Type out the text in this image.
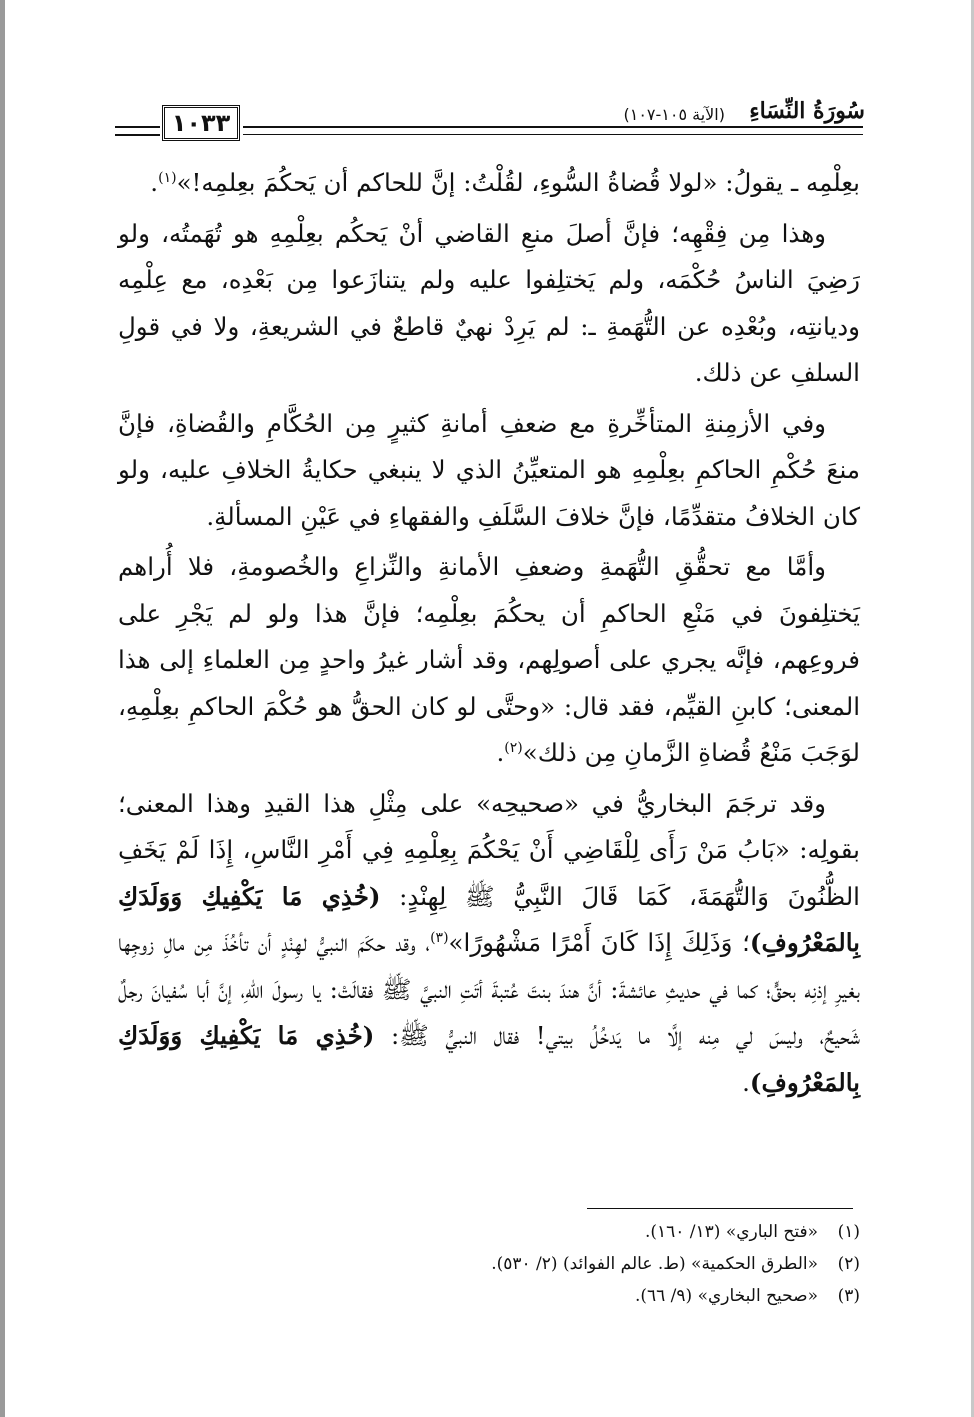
١٠٣٣	سُورَةُ النِّسَاءِ
(الآية ١٠٥-١٠٧)

بعِلْمِه ـ يقولُ: «لولا قُضاةُ السُّوءِ، لقُلْتُ: إنَّ للحاكم أن يَحكُمَ بعِلمِه!»$^{(١)}$.

وهذا مِن فِقْهِه؛ فإنَّ أصلَ منعِ القاضي أنْ يَحكُم بعِلْمِهِ هو تُهَمتُه، ولو رَضِيَ الناسُ حُكْمَه، ولم يَختلِفوا عليه ولم يتنازَعوا مِن بَعْدِه، مع عِلْمِه وديانتِه، وبُعْدِه عن التُّهَمةِ ـ: لم يَرِدْ نهيٌ قاطعٌ في الشريعةِ، ولا في قولِ السلفِ عن ذلك.

وفي الأزمِنةِ المتأخِّرةِ مع ضعفِ أمانةِ كثيرٍ مِن الحُكَّامِ والقُضاةِ، فإنَّ منعَ حُكْمِ الحاكمِ بعِلْمِهِ هو المتعيِّنُ الذي لا ينبغي حكايةُ الخلافِ عليه، ولو كان الخلافُ متقدِّمًا، فإنَّ خلافَ السَّلَفِ والفقهاءِ في عَيْنِ المسألةِ.

وأمَّا مع تحقُّقِ التُّهَمةِ وضعفِ الأمانةِ والنِّزاعِ والخُصومةِ، فلا أُراهم يَختلِفونَ في مَنْعِ الحاكمِ أن يحكُمَ بعِلْمِه؛ فإنَّ هذا ولو لم يَجْرِ على فروعِهم، فإنَّه يجري على أصولِهم، وقد أشار غيرُ واحدٍ مِن العلماءِ إلى هذا المعنى؛ كابنِ القيِّم، فقد قال: «وحتَّى لو كان الحقُّ هو حُكْمَ الحاكمِ بعِلْمِهِ، لوَجَبَ مَنْعُ قُضاةِ الزَّمانِ مِن ذلك»$^{(٢)}$.

وقد ترجَمَ البخاريُّ في «صحيحِه» على مِثْلِ هذا القيدِ وهذا المعنى؛ بقولِه: «بَابُ مَنْ رَأَى لِلْقَاضِي أَنْ يَحْكُمَ بِعِلْمِهِ فِي أَمْرِ النَّاسِ، إِذَا لَمْ يَخَفِ الظُّنُونَ وَالتُّهَمَةَ، كَمَا قَالَ النَّبِيُّ ﷺ لِهِنْدٍ: (خُذِي مَا يَكْفِيكِ وَوَلَدَكِ بِالمَعْرُوفِ)؛ وَذَلِكَ إِذَا كَانَ أَمْرًا مَشْهُورًا»$^{(٣)}$، وقد حكَمَ النبيُّ لهِنْدٍ أن تأخُذَ مِن مالِ زوجِها بغيرِ إذنِه بحقٍّ؛ كما في حديثِ عائشةَ: أنَّ هندَ بنتَ عُتبةَ أتَتِ النبيَّ ﷺ فقالَتْ: يا رسولَ اللهِ، إنَّ أبا سُفيانَ رجلٌ شَحيحٌ، وليسَ لي مِنه إلَّا ما يَدخُلُ بيتي! فقال النبيُّ ﷺ: (خُذِي مَا يَكْفِيكِ وَوَلَدَكِ بِالمَعْرُوفِ).

(١)«فتح الباري» (١٣/ ١٦٠).
(٢)«الطرق الحكمية» (ط. عالم الفوائد) (٢/ ٥٣٠).
(٣)«صحيح البخاري» (٩/ ٦٦).
